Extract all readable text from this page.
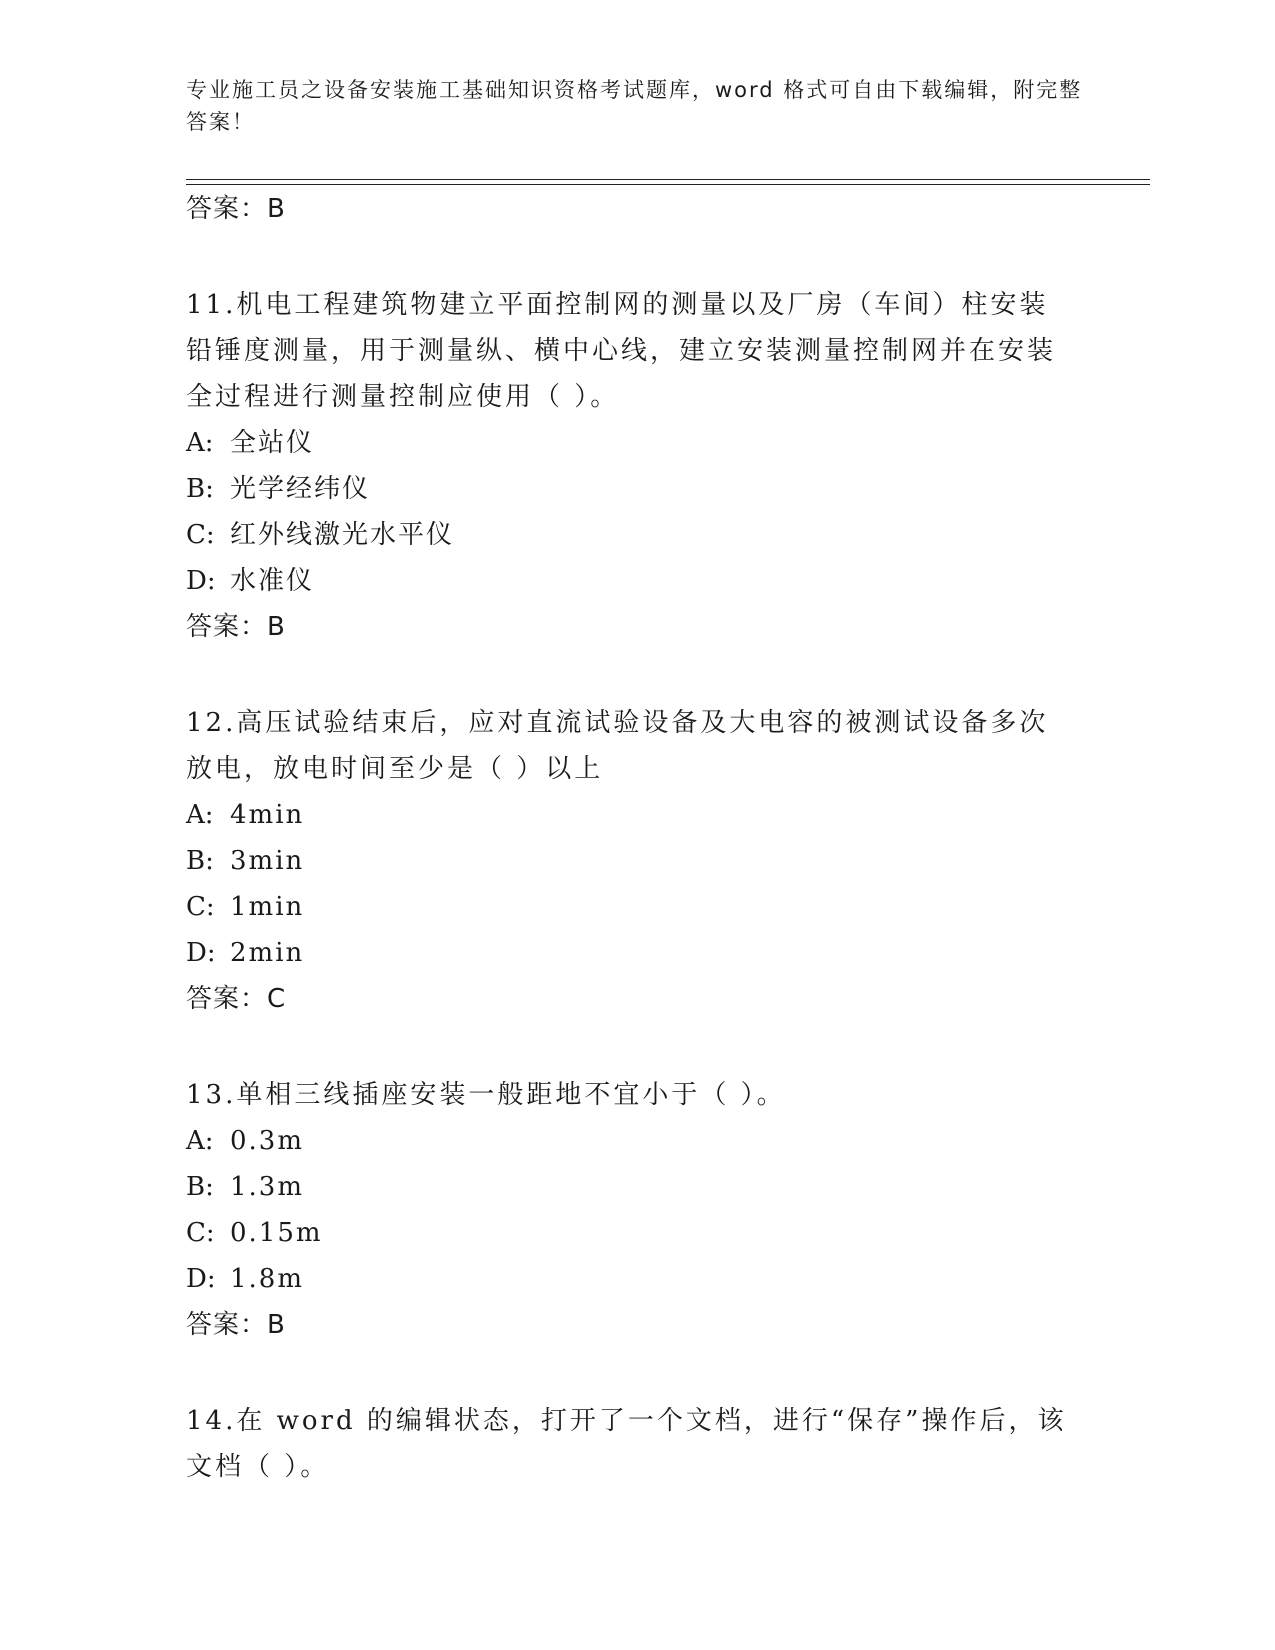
专业施工员之设备安装施工基础知识资格考试题库，word 格式可自由下载编辑，附完整答案！
答案：B
11.机电工程建筑物建立平面控制网的测量以及厂房（车间）柱安装铅锤度测量，用于测量纵、横中心线，建立安装测量控制网并在安装全过程进行测量控制应使用（ ）。
A: 全站仪
B: 光学经纬仪
C: 红外线激光水平仪
D: 水准仪
答案：B
12.高压试验结束后，应对直流试验设备及大电容的被测试设备多次放电，放电时间至少是（ ）以上
A: 4min
B: 3min
C: 1min
D: 2min
答案：C
13.单相三线插座安装一般距地不宜小于（ ）。
A: 0.3m
B: 1.3m
C: 0.15m
D: 1.8m
答案：B
14.在 word 的编辑状态，打开了一个文档，进行“保存”操作后，该文档（ ）。
